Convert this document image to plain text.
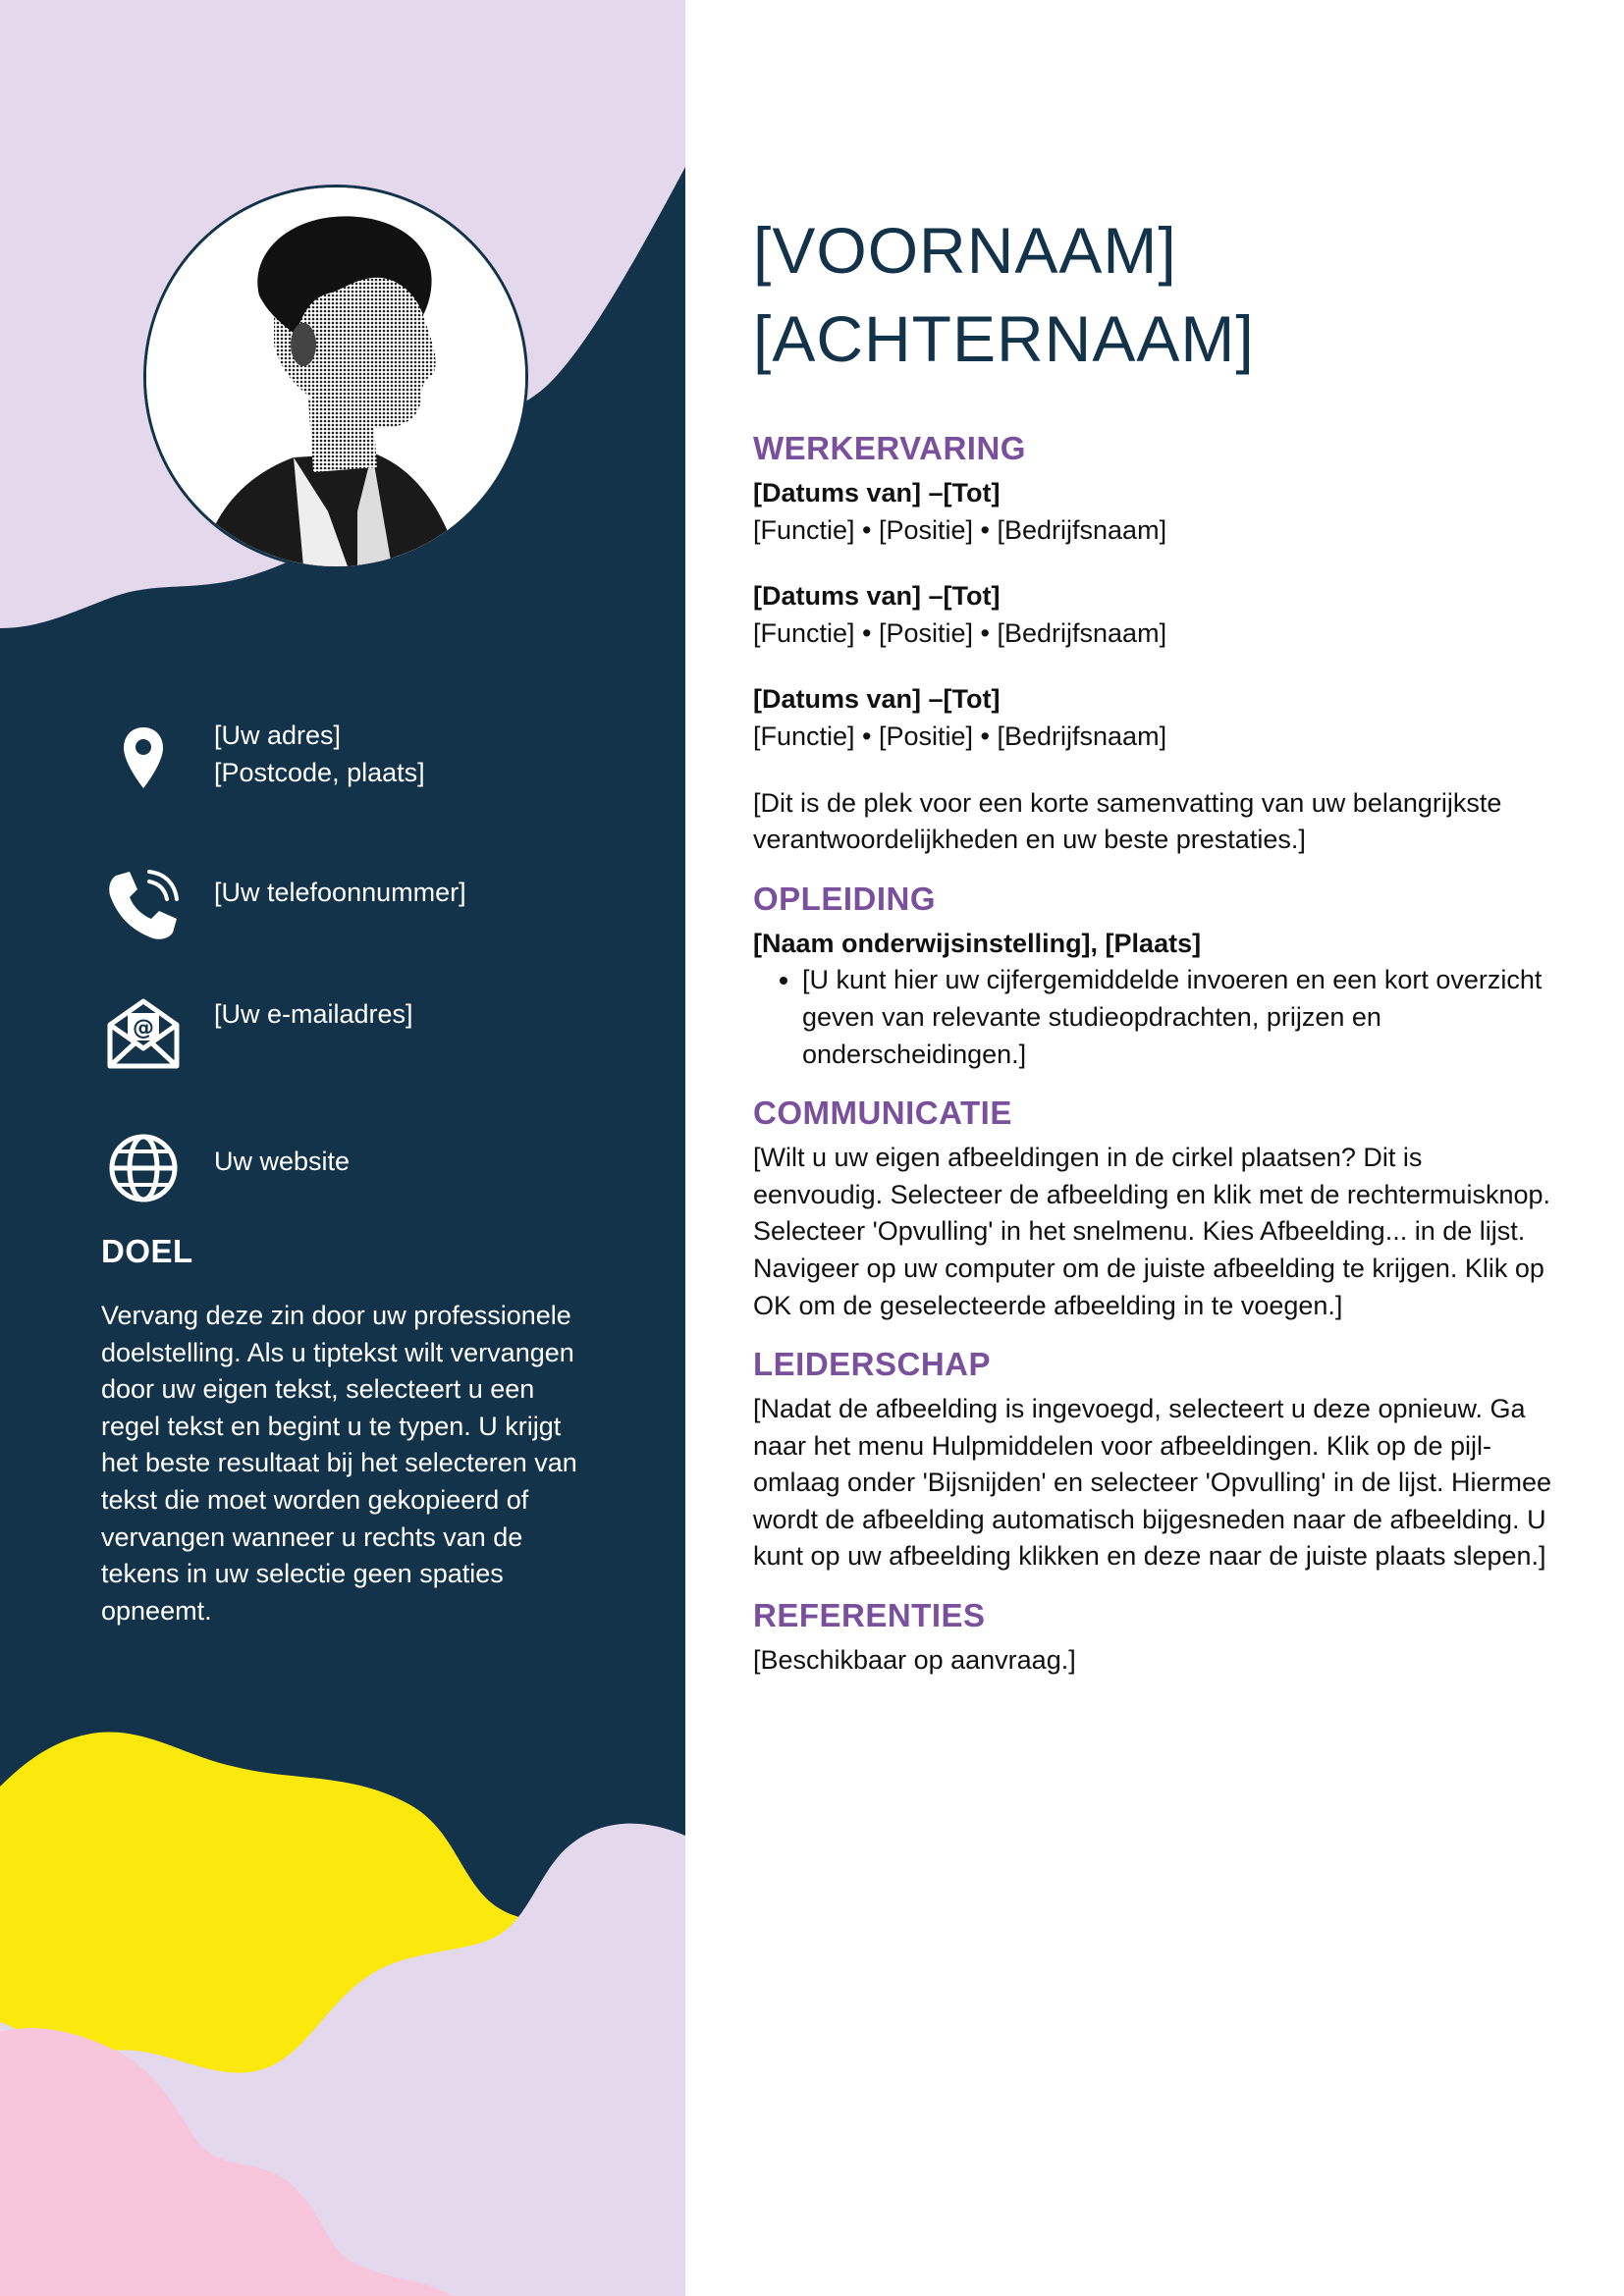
[Uw adres]
[Postcode, plaats]
[Uw telefoonnummer]
@ [Uw e-mailadres]
Uw website
DOEL
Vervang deze zin door uw professionele doelstelling. Als u tiptekst wilt vervangen door uw eigen tekst, selecteert u een regel tekst en begint u te typen. U krijgt het beste resultaat bij het selecteren van tekst die moet worden gekopieerd of vervangen wanneer u rechts van de tekens in uw selectie geen spaties opneemt.
[VOORNAAM]
[ACHTERNAAM]
WERKERVARING

[Datums van] –[Tot]

[Functie] • [Positie] • [Bedrijfsnaam]

[Datums van] –[Tot]

[Functie] • [Positie] • [Bedrijfsnaam]

[Datums van] –[Tot]

[Functie] • [Positie] • [Bedrijfsnaam]

[Dit is de plek voor een korte samenvatting van uw belangrijkste verantwoordelijkheden en uw beste prestaties.]

OPLEIDING

[Naam onderwijsinstelling], [Plaats]

• [U kunt hier uw cijfergemiddelde invoeren en een kort overzicht geven van relevante studieopdrachten, prijzen en onderscheidingen.]
COMMUNICATIE

[Wilt u uw eigen afbeeldingen in de cirkel plaatsen? Dit is eenvoudig. Selecteer de afbeelding en klik met de rechtermuisknop. Selecteer 'Opvulling' in het snelmenu. Kies Afbeelding... in de lijst. Navigeer op uw computer om de juiste afbeelding te krijgen. Klik op OK om de geselecteerde afbeelding in te voegen.]

LEIDERSCHAP

[Nadat de afbeelding is ingevoegd, selecteert u deze opnieuw. Ga naar het menu Hulpmiddelen voor afbeeldingen. Klik op de pijl-omlaag onder 'Bijsnijden' en selecteer 'Opvulling' in de lijst. Hiermee wordt de afbeelding automatisch bijgesneden naar de afbeelding. U kunt op uw afbeelding klikken en deze naar de juiste plaats slepen.]

REFERENTIES

[Beschikbaar op aanvraag.]
